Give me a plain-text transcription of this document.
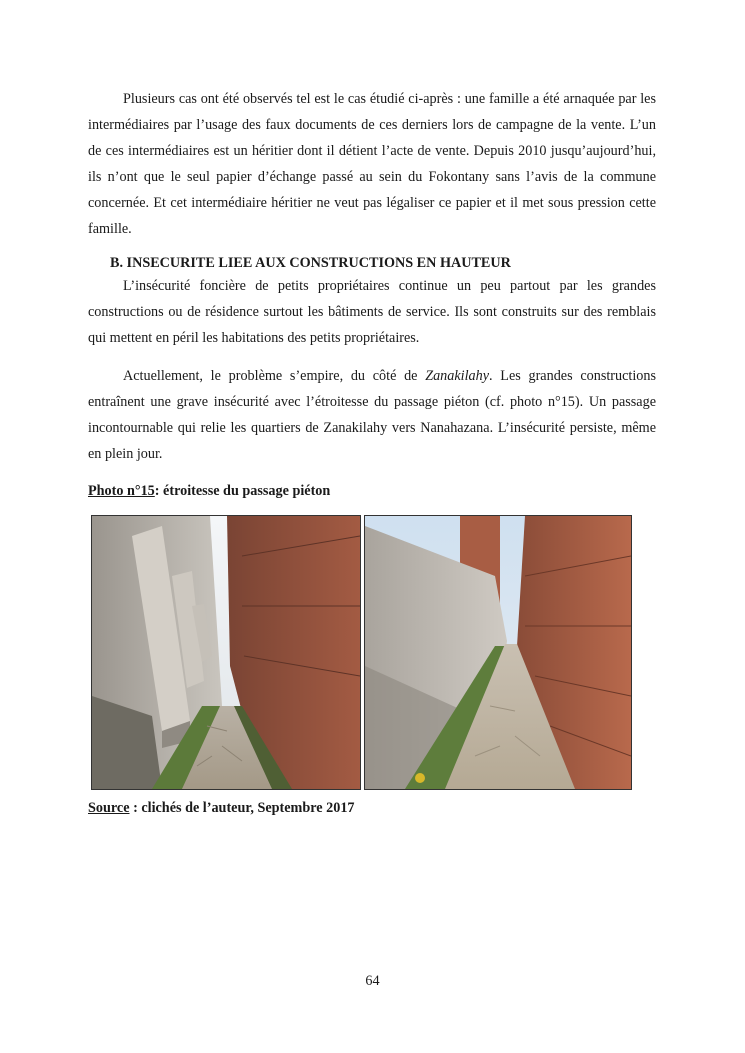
Plusieurs cas ont été observés tel est le cas étudié ci-après : une famille a été arnaquée par les intermédiaires par l’usage des faux documents de ces derniers lors de campagne de la vente. L’un de ces intermédiaires est un héritier dont il détient l’acte de vente. Depuis 2010 jusqu’aujourd’hui, ils n’ont que le seul papier d’échange passé au sein du Fokontany sans l’avis de la commune concernée. Et cet intermédiaire héritier ne veut pas légaliser ce papier et il met sous pression cette famille.

B. INSECURITE LIEE AUX CONSTRUCTIONS EN HAUTEUR

L’insécurité foncière de petits propriétaires continue un peu partout par les grandes constructions ou de résidence surtout les bâtiments de service. Ils sont construits sur des remblais qui mettent en péril les habitations des petits propriétaires.

Actuellement, le problème s’empire, du côté de Zanakilahy. Les grandes constructions entraînent une grave insécurité avec l’étroitesse du passage piéton (cf. photo n°15). Un passage incontournable qui relie les quartiers de Zanakilahy vers Nanahazana. L’insécurité persiste, même en plein jour.

Photo n°15: étroitesse du passage piéton

Source : clichés de l’auteur, Septembre 2017

64
